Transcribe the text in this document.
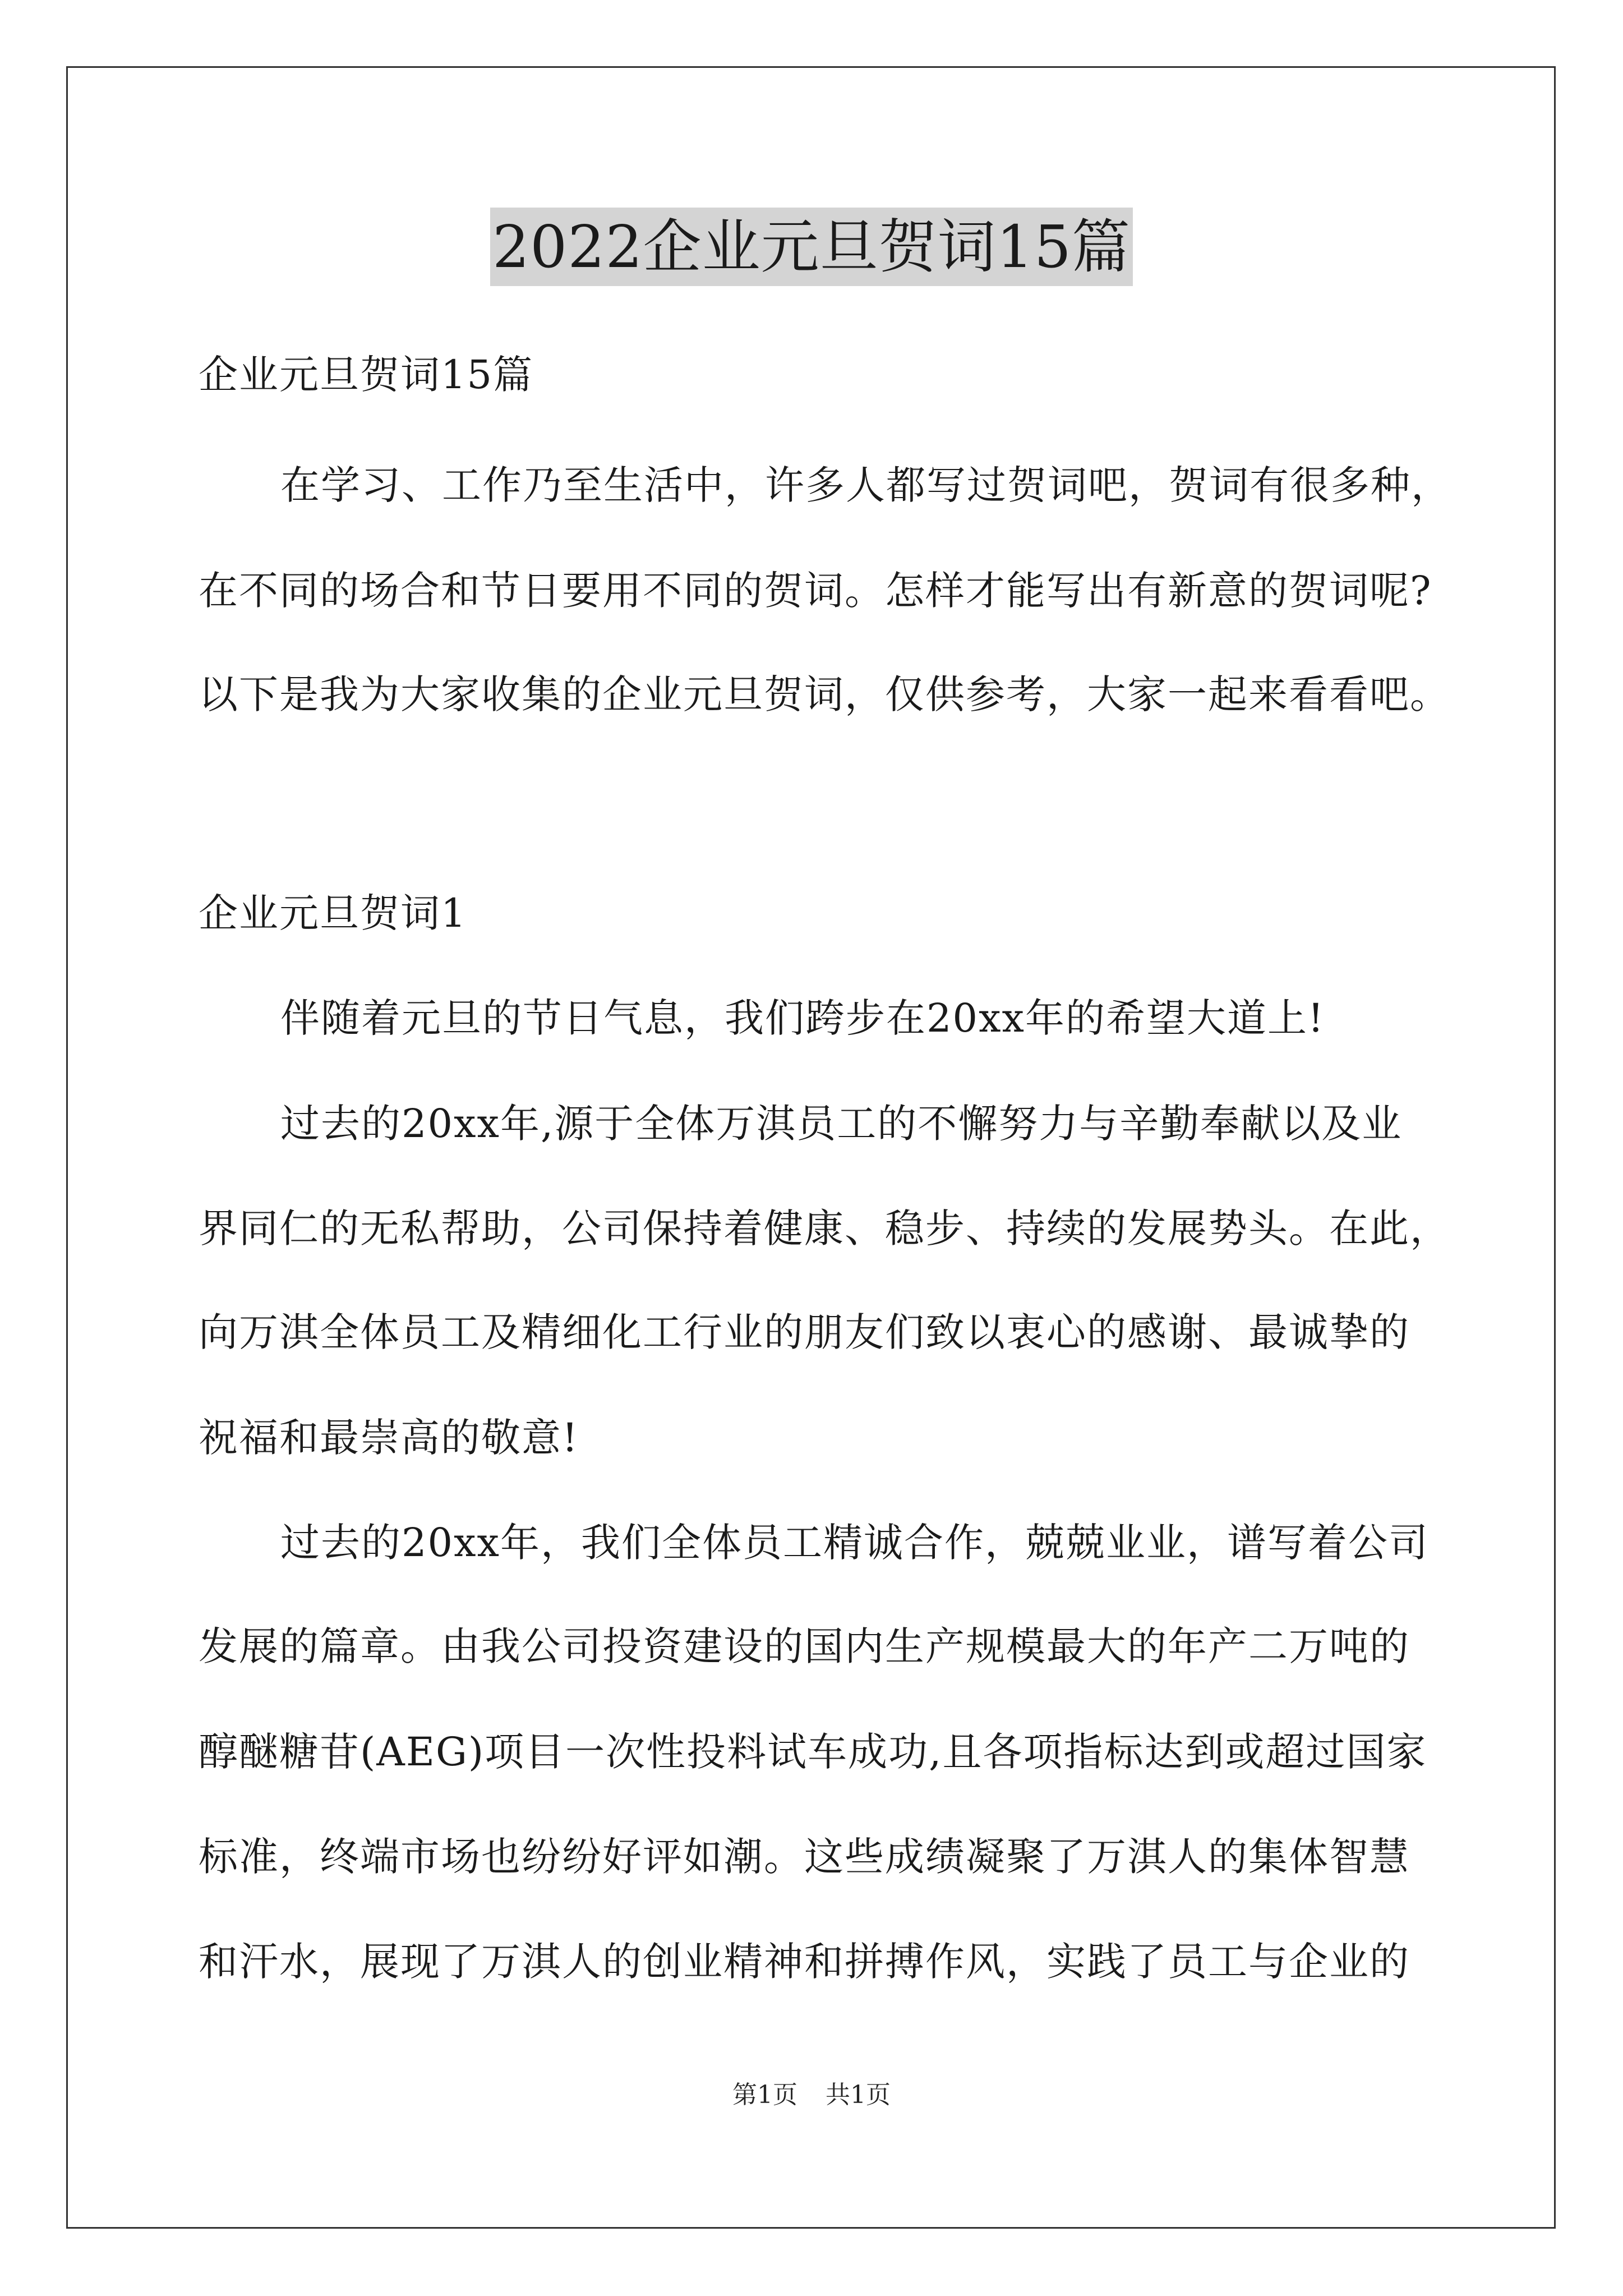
2022企业元旦贺词15篇
企业元旦贺词15篇
在学习、工作乃至生活中，许多人都写过贺词吧，贺词有很多种，
在不同的场合和节日要用不同的贺词。怎样才能写出有新意的贺词呢?
以下是我为大家收集的企业元旦贺词，仅供参考，大家一起来看看吧。
企业元旦贺词1
伴随着元旦的节日气息，我们跨步在20xx年的希望大道上!
过去的20xx年,源于全体万淇员工的不懈努力与辛勤奉献以及业
界同仁的无私帮助，公司保持着健康、稳步、持续的发展势头。在此，
向万淇全体员工及精细化工行业的朋友们致以衷心的感谢、最诚挚的
祝福和最崇高的敬意!
过去的20xx年，我们全体员工精诚合作，兢兢业业，谱写着公司
发展的篇章。由我公司投资建设的国内生产规模最大的年产二万吨的
醇醚糖苷(AEG)项目一次性投料试车成功,且各项指标达到或超过国家
标准，终端市场也纷纷好评如潮。这些成绩凝聚了万淇人的集体智慧
和汗水，展现了万淇人的创业精神和拼搏作风，实践了员工与企业的
第1页 共1页
